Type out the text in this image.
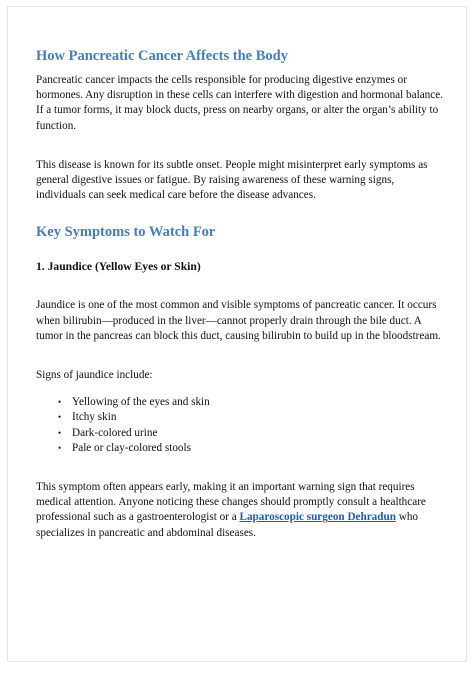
How Pancreatic Cancer Affects the Body

Pancreatic cancer impacts the cells responsible for producing digestive enzymes or hormones. Any disruption in these cells can interfere with digestion and hormonal balance. If a tumor forms, it may block ducts, press on nearby organs, or alter the organ’s ability to function.

This disease is known for its subtle onset. People might misinterpret early symptoms as general digestive issues or fatigue. By raising awareness of these warning signs, individuals can seek medical care before the disease advances.

Key Symptoms to Watch For
1. Jaundice (Yellow Eyes or Skin)

Jaundice is one of the most common and visible symptoms of pancreatic cancer. It occurs when bilirubin—produced in the liver—cannot properly drain through the bile duct. A tumor in the pancreas can block this duct, causing bilirubin to build up in the bloodstream.

Signs of jaundice include:

• Yellowing of the eyes and skin
• Itchy skin
• Dark-colored urine
• Pale or clay-colored stools

This symptom often appears early, making it an important warning sign that requires medical attention. Anyone noticing these changes should promptly consult a healthcare professional such as a gastroenterologist or a Laparoscopic surgeon Dehradun who specializes in pancreatic and abdominal diseases.
